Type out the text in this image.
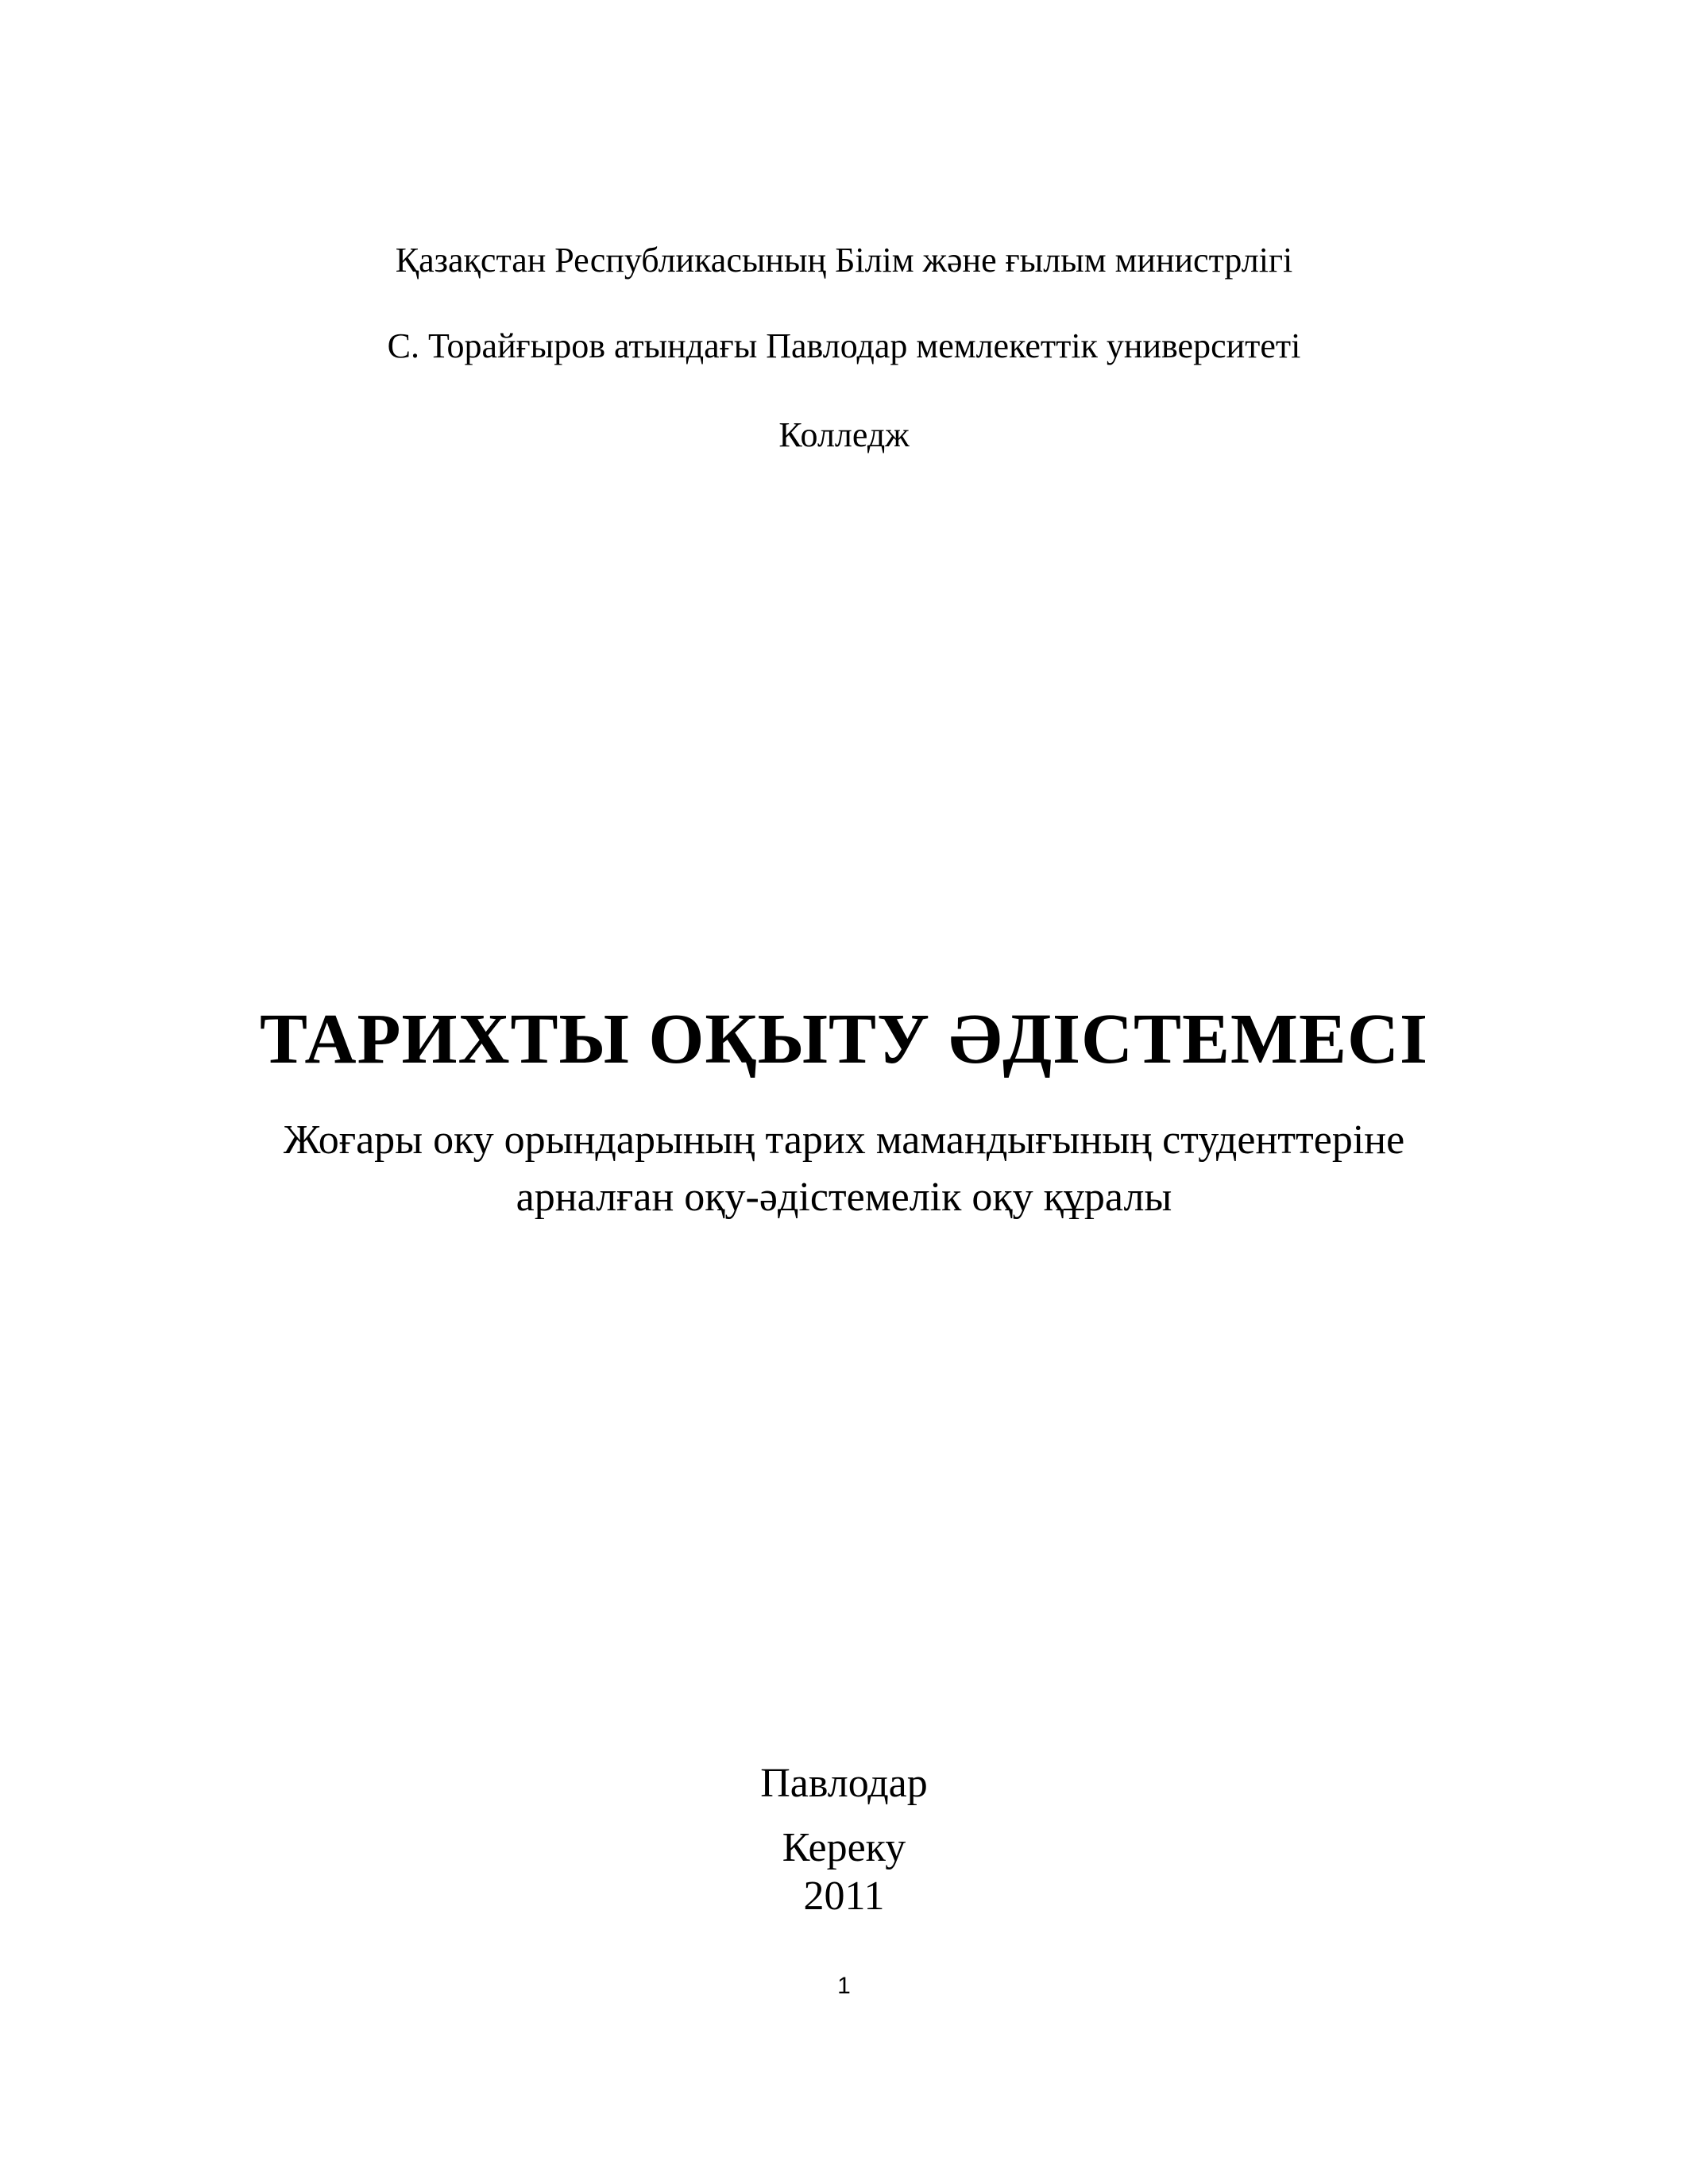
Қазақстан Республикасының Білім және ғылым министрлігі
С. Торайғыров атындағы Павлодар мемлекеттік университеті
Колледж
ТАРИХТЫ ОҚЫТУ ӘДІСТЕМЕСІ
Жоғары оку орындарының тарих мамандығының студенттеріне
арналған оқу-әдістемелік оқу құралы
Павлодар
Кереку
2011
1
